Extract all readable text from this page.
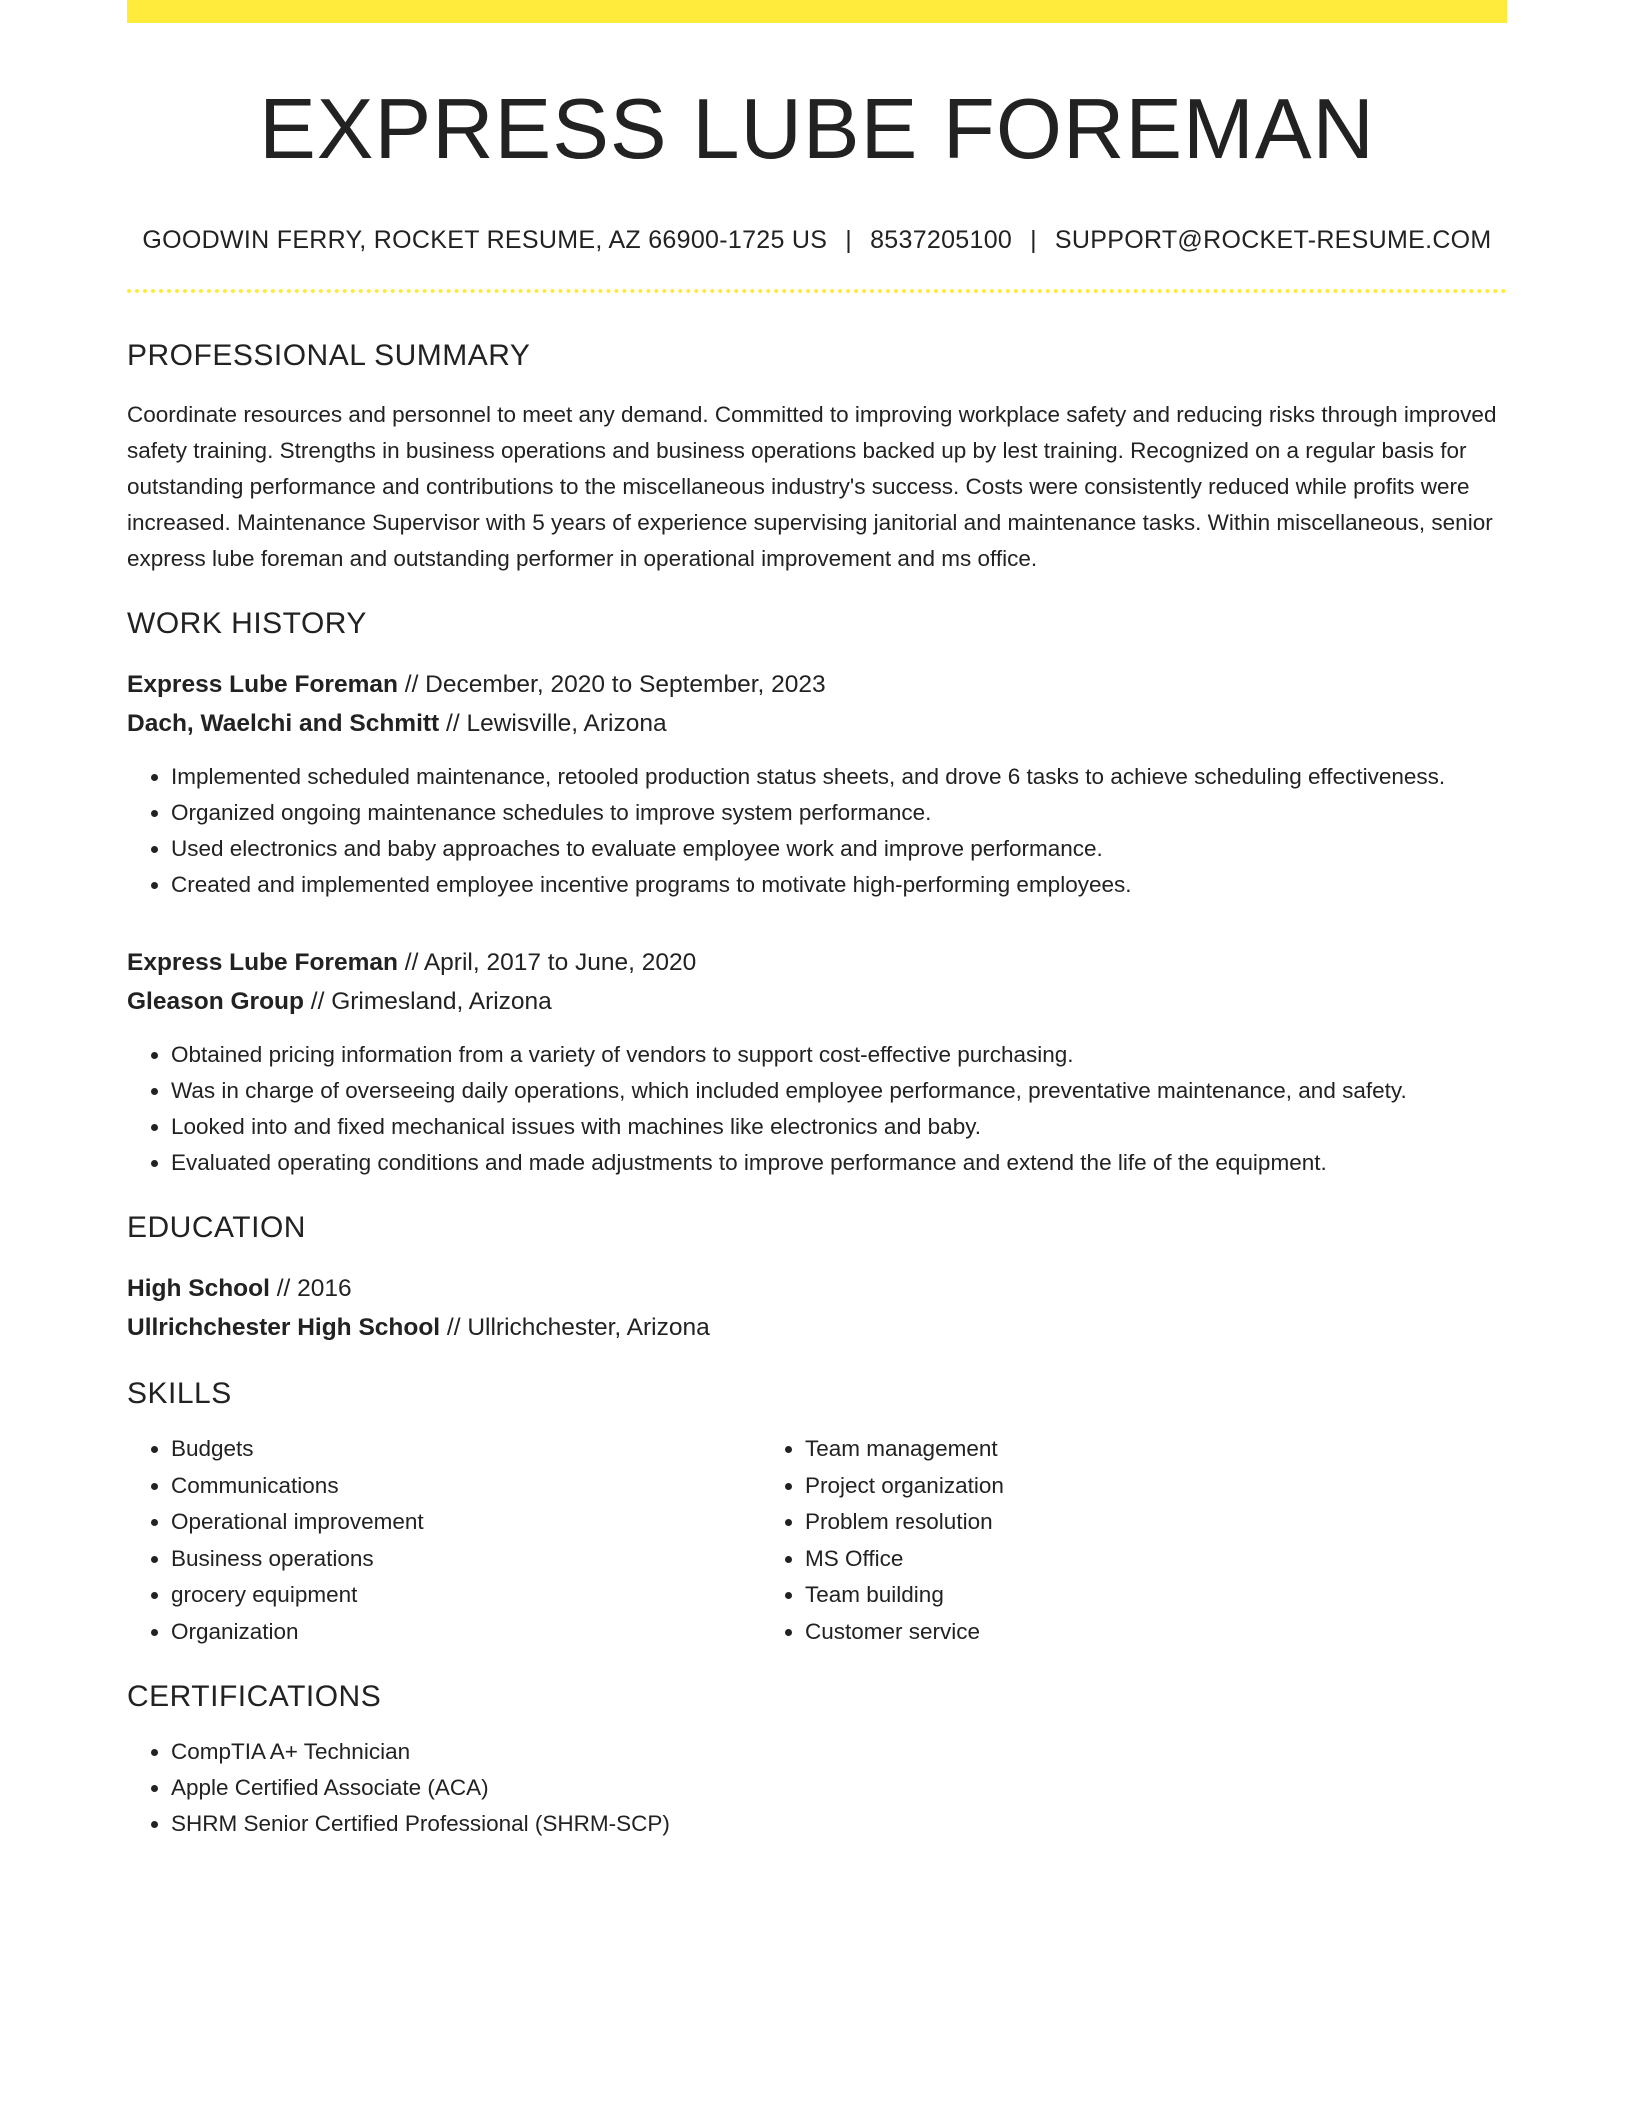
EXPRESS LUBE FOREMAN
GOODWIN FERRY, ROCKET RESUME, AZ 66900-1725 US | 8537205100 | SUPPORT@ROCKET-RESUME.COM
PROFESSIONAL SUMMARY
Coordinate resources and personnel to meet any demand. Committed to improving workplace safety and reducing risks through improved safety training. Strengths in business operations and business operations backed up by lest training. Recognized on a regular basis for outstanding performance and contributions to the miscellaneous industry's success. Costs were consistently reduced while profits were increased. Maintenance Supervisor with 5 years of experience supervising janitorial and maintenance tasks. Within miscellaneous, senior express lube foreman and outstanding performer in operational improvement and ms office.
WORK HISTORY
Express Lube Foreman // December, 2020 to September, 2023
Dach, Waelchi and Schmitt // Lewisville, Arizona
• Implemented scheduled maintenance, retooled production status sheets, and drove 6 tasks to achieve scheduling effectiveness.
• Organized ongoing maintenance schedules to improve system performance.
• Used electronics and baby approaches to evaluate employee work and improve performance.
• Created and implemented employee incentive programs to motivate high-performing employees.
Express Lube Foreman // April, 2017 to June, 2020
Gleason Group // Grimesland, Arizona
• Obtained pricing information from a variety of vendors to support cost-effective purchasing.
• Was in charge of overseeing daily operations, which included employee performance, preventative maintenance, and safety.
• Looked into and fixed mechanical issues with machines like electronics and baby.
• Evaluated operating conditions and made adjustments to improve performance and extend the life of the equipment.
EDUCATION
High School // 2016
Ullrichchester High School // Ullrichchester, Arizona
SKILLS
• Budgets
• Communications
• Operational improvement
• Business operations
• grocery equipment
• Organization
• Team management
• Project organization
• Problem resolution
• MS Office
• Team building
• Customer service
CERTIFICATIONS
• CompTIA A+ Technician
• Apple Certified Associate (ACA)
• SHRM Senior Certified Professional (SHRM-SCP)
